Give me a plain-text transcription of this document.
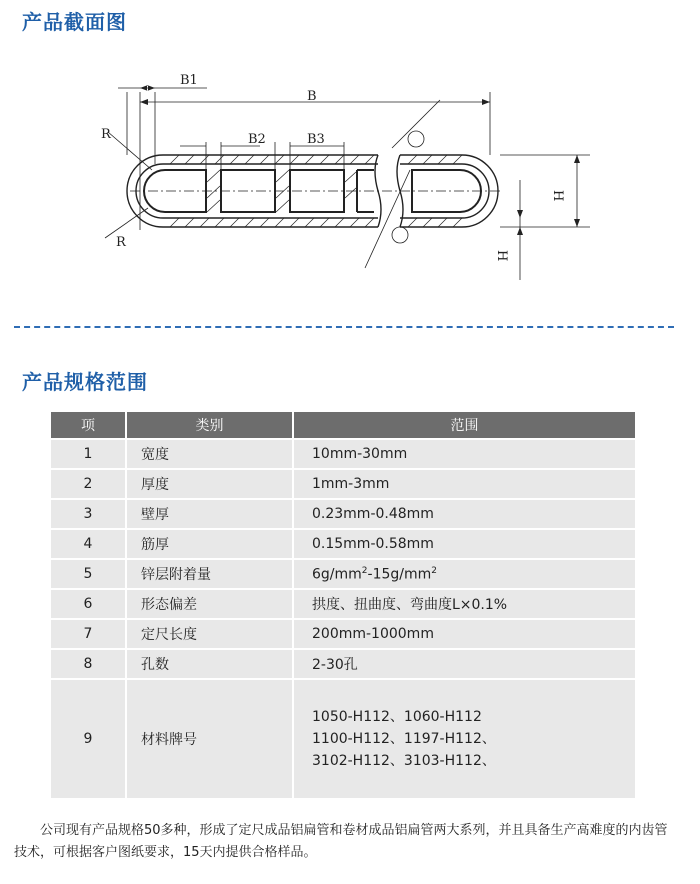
产品截面图
B1
B
B2	B3
R
R
H
H
产品规格范围
项	类别	范围
1	宽度	10mm-30mm
2	厚度	1mm-3mm
3	壁厚	0.23mm-0.48mm
4	筋厚	0.15mm-0.58mm
5	锌层附着量	$6g/mm^2-15g/mm^2$
6	形态偏差	拱度、扭曲度、弯曲度L×0.1%
7	定尺长度	200mm-1000mm
8	孔数	2-30孔
9	材料牌号	1050-H112、1060-H112
1100-H112、1197-H112、
3102-H112、3103-H112、
公司现有产品规格50多种，形成了定尺成品铝扁管和卷材成品铝扁管两大系列，并且具备生产高难度的内齿管技术，可根据客户图纸要求，15天内提供合格样品。
